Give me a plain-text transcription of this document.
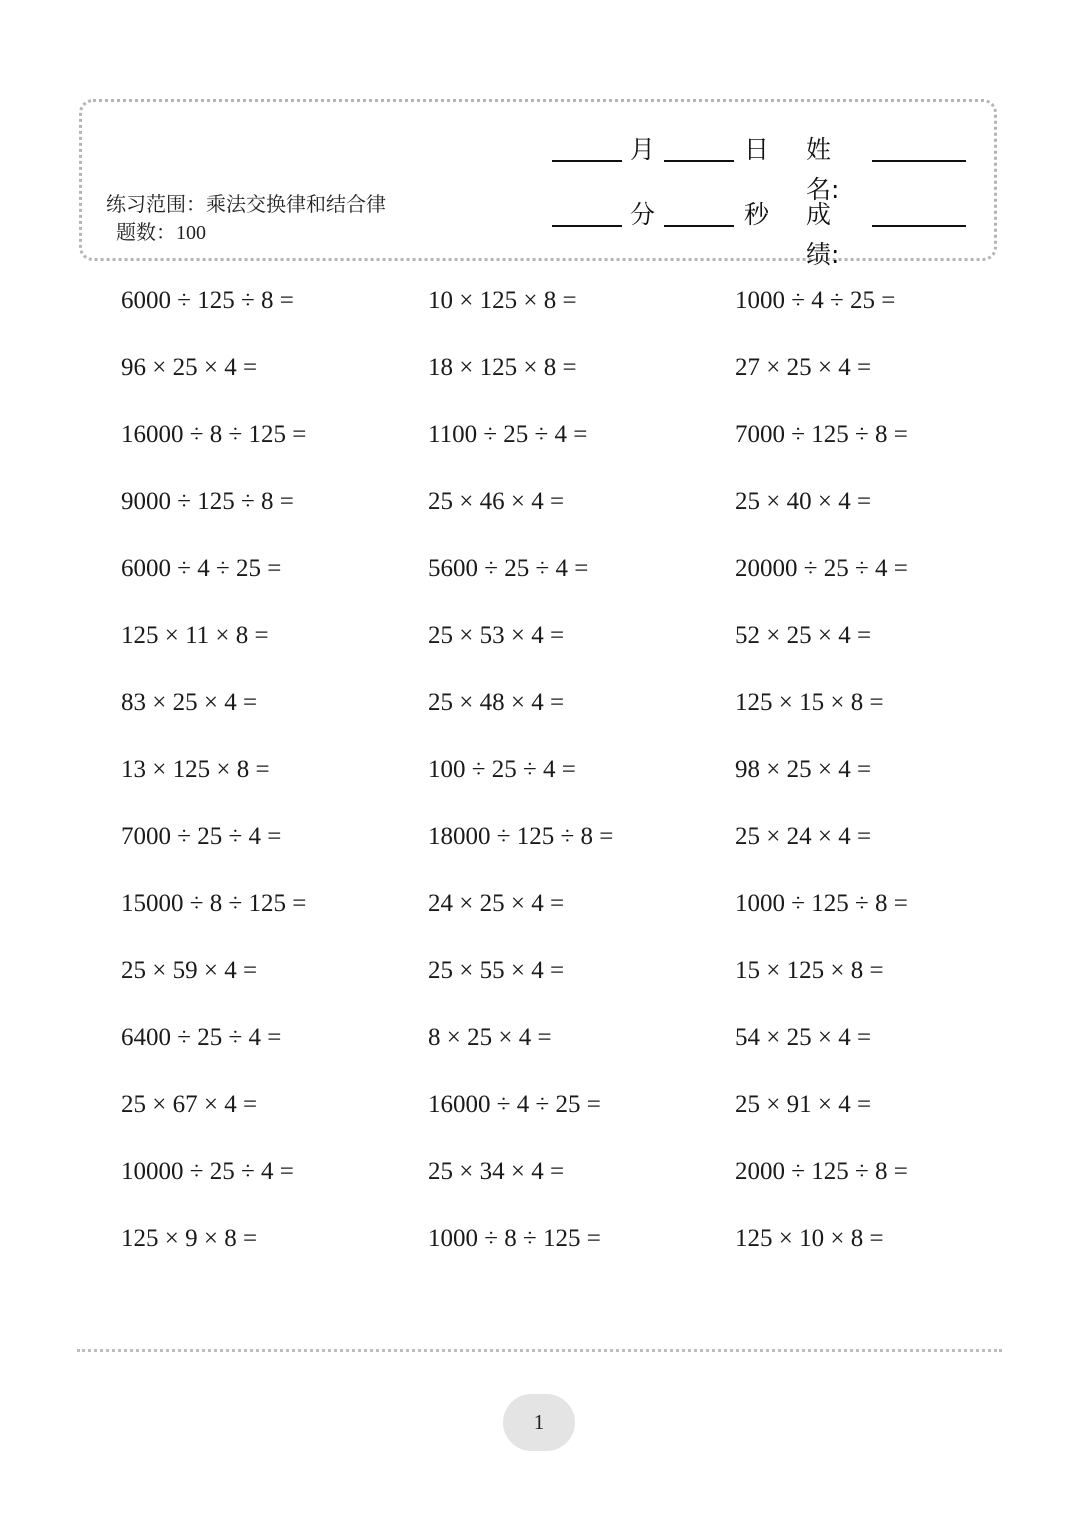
练习范围：乘法交换律和结合律题数：100
月	日 姓名:
分	秒 成绩:
6000 ÷ 125 ÷ 8 =	10 × 125 × 8 =	1000 ÷ 4 ÷ 25 =
96 × 25 × 4 =	18 × 125 × 8 =	27 × 25 × 4 =
16000 ÷ 8 ÷ 125 =	1100 ÷ 25 ÷ 4 =	7000 ÷ 125 ÷ 8 =
9000 ÷ 125 ÷ 8 =	25 × 46 × 4 =	25 × 40 × 4 =
6000 ÷ 4 ÷ 25 =	5600 ÷ 25 ÷ 4 =	20000 ÷ 25 ÷ 4 =
125 × 11 × 8 =	25 × 53 × 4 =	52 × 25 × 4 =
83 × 25 × 4 =	25 × 48 × 4 =	125 × 15 × 8 =
13 × 125 × 8 =	100 ÷ 25 ÷ 4 =	98 × 25 × 4 =
7000 ÷ 25 ÷ 4 =	18000 ÷ 125 ÷ 8 =	25 × 24 × 4 =
15000 ÷ 8 ÷ 125 =	24 × 25 × 4 =	1000 ÷ 125 ÷ 8 =
25 × 59 × 4 =	25 × 55 × 4 =	15 × 125 × 8 =
6400 ÷ 25 ÷ 4 =	8 × 25 × 4 =	54 × 25 × 4 =
25 × 67 × 4 =	16000 ÷ 4 ÷ 25 =	25 × 91 × 4 =
10000 ÷ 25 ÷ 4 =	25 × 34 × 4 =	2000 ÷ 125 ÷ 8 =
125 × 9 × 8 =	1000 ÷ 8 ÷ 125 =	125 × 10 × 8 =
1
